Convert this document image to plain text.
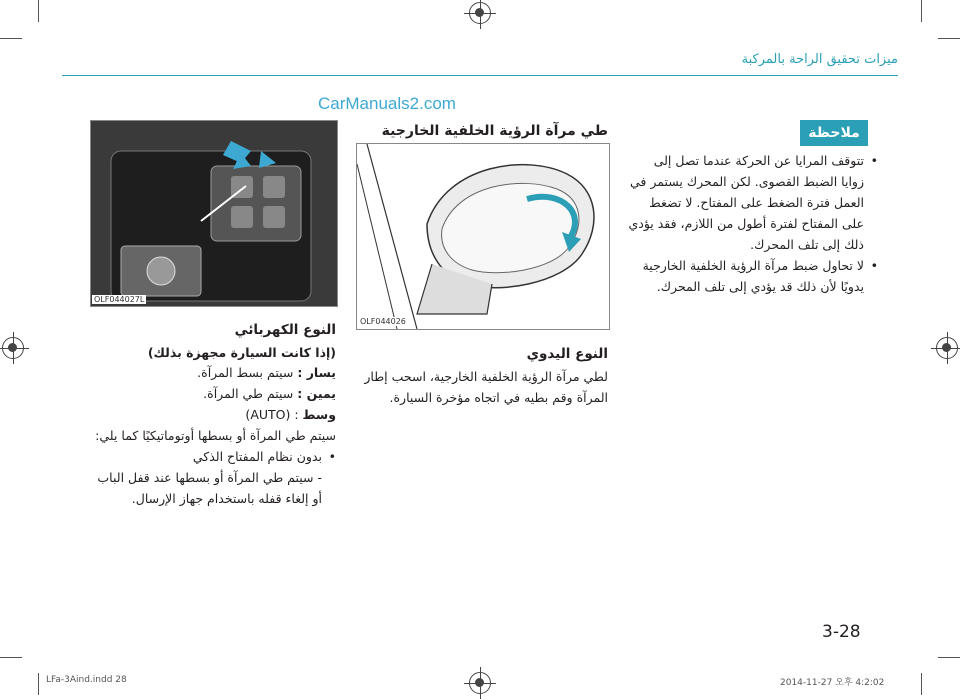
ميزات تحقيق الراحة بالمركبة
CarManuals2.com
ملاحظة
• تتوقف المرايا عن الحركة عندما تصل إلى زوايا الضبط القصوى. لكن المحرك يستمر في العمل فترة الضغط على المفتاح. لا تضغط على المفتاح لفترة أطول من اللازم، فقد يؤدي ذلك إلى تلف المحرك.
• لا تحاول ضبط مرآة الرؤية الخلفية الخارجية يدويًا لأن ذلك قد يؤدي إلى تلف المحرك.
طي مرآة الرؤية الخلفية الخارجية
OLF044026
النوع اليدوي
لطي مرآة الرؤية الخلفية الخارجية، اسحب إطار المرآة وقم بطيه في اتجاه مؤخرة السيارة.
OLF044027L
النوع الكهربائي
(إذا كانت السيارة مجهزة بذلك)
يسار : سيتم بسط المرآة.
يمين : سيتم طي المرآة.
وسط : (AUTO)
سيتم طي المرآة أو بسطها أوتوماتيكيًا كما يلي:
• بدون نظام المفتاح الذكي
- سيتم طي المرآة أو بسطها عند قفل الباب أو إلغاء قفله باستخدام جهاز الإرسال.
3-28
LFa-3Aind.indd 28	2014-11-27 오후 4:2:02
